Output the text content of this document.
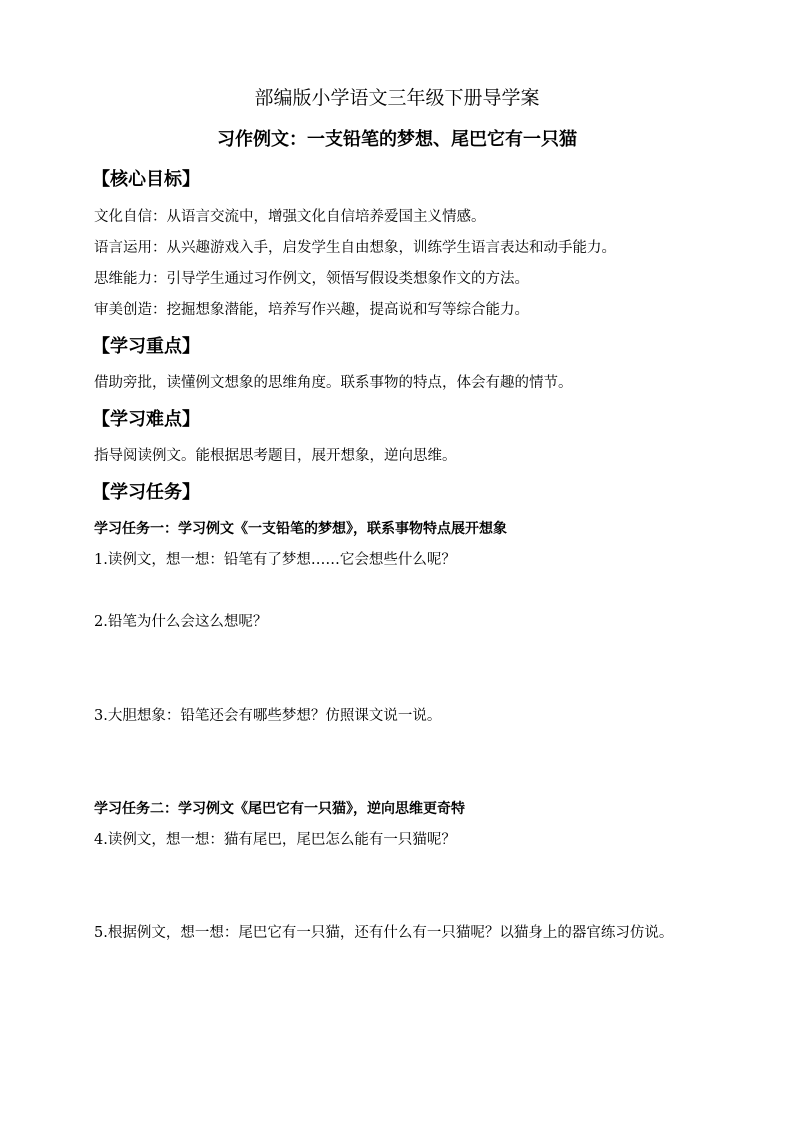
部编版小学语文三年级下册导学案
习作例文：一支铅笔的梦想、尾巴它有一只猫
【核心目标】
文化自信：从语言交流中，增强文化自信培养爱国主义情感。
语言运用：从兴趣游戏入手，启发学生自由想象，训练学生语言表达和动手能力。
思维能力：引导学生通过习作例文，领悟写假设类想象作文的方法。
审美创造：挖掘想象潜能，培养写作兴趣，提高说和写等综合能力。
【学习重点】
借助旁批，读懂例文想象的思维角度。联系事物的特点，体会有趣的情节。
【学习难点】
指导阅读例文。能根据思考题目，展开想象，逆向思维。
【学习任务】
学习任务一：学习例文《一支铅笔的梦想》，联系事物特点展开想象
1.读例文，想一想：铅笔有了梦想……它会想些什么呢？
2.铅笔为什么会这么想呢？
3.大胆想象：铅笔还会有哪些梦想？仿照课文说一说。
学习任务二：学习例文《尾巴它有一只猫》，逆向思维更奇特
4.读例文，想一想：猫有尾巴，尾巴怎么能有一只猫呢？
5.根据例文，想一想：尾巴它有一只猫，还有什么有一只猫呢？以猫身上的器官练习仿说。
